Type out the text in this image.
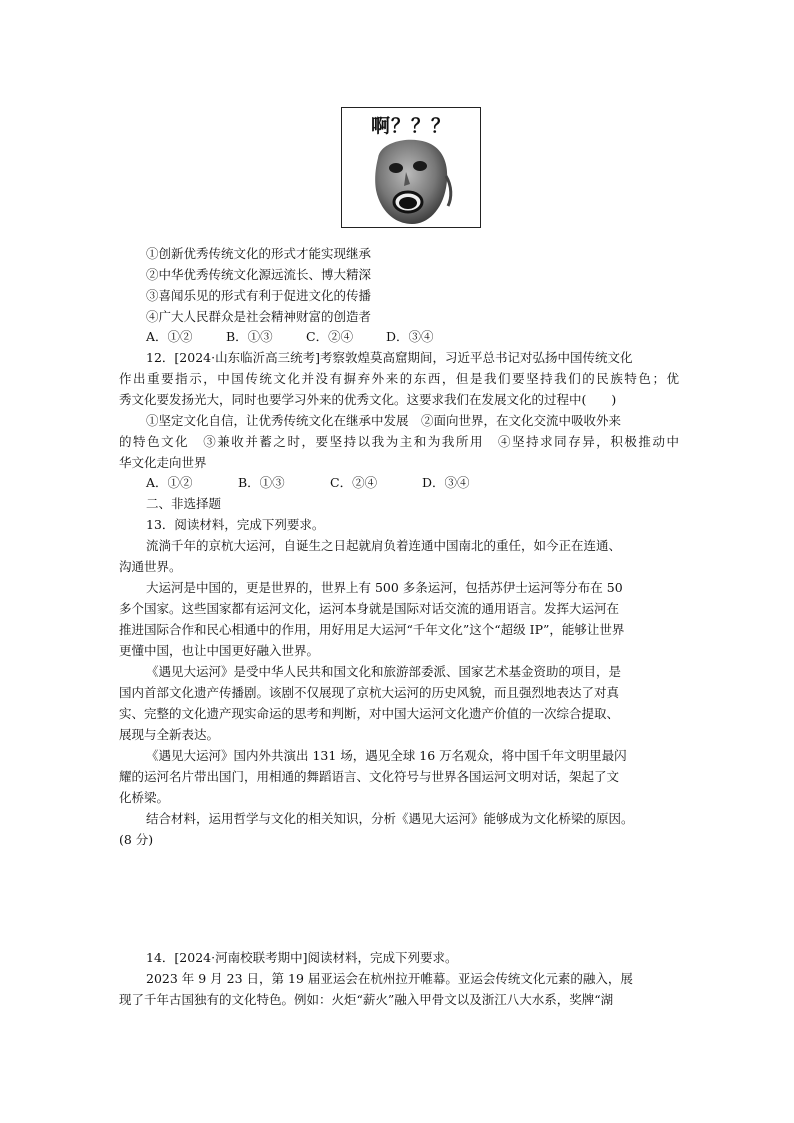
啊？？？
①创新优秀传统文化的形式才能实现继承
②中华优秀传统文化源远流长、博大精深
③喜闻乐见的形式有利于促进文化的传播
④广大人民群众是社会精神财富的创造者
A．①②	B．①③	C．②④	D．③④
12．[2024·山东临沂高三统考]考察敦煌莫高窟期间，习近平总书记对弘扬中国传统文化
作出重要指示，中国传统文化并没有摒弃外来的东西，但是我们要坚持我们的民族特色；优
秀文化要发扬光大，同时也要学习外来的优秀文化。这要求我们在发展文化的过程中(　　)
①坚定文化自信，让优秀传统文化在继承中发展　②面向世界，在文化交流中吸收外来
的特色文化　③兼收并蓄之时，要坚持以我为主和为我所用　④坚持求同存异，积极推动中
华文化走向世界
A．①②	B．①③	C．②④	D．③④
二、非选择题
13．阅读材料，完成下列要求。
流淌千年的京杭大运河，自诞生之日起就肩负着连通中国南北的重任，如今正在连通、
沟通世界。
大运河是中国的，更是世界的，世界上有 500 多条运河，包括苏伊士运河等分布在 50
多个国家。这些国家都有运河文化，运河本身就是国际对话交流的通用语言。发挥大运河在
推进国际合作和民心相通中的作用，用好用足大运河“千年文化”这个“超级 IP”，能够让世界
更懂中国，也让中国更好融入世界。
《遇见大运河》是受中华人民共和国文化和旅游部委派、国家艺术基金资助的项目，是
国内首部文化遗产传播剧。该剧不仅展现了京杭大运河的历史风貌，而且强烈地表达了对真
实、完整的文化遗产现实命运的思考和判断，对中国大运河文化遗产价值的一次综合提取、
展现与全新表达。
《遇见大运河》国内外共演出 131 场，遇见全球 16 万名观众，将中国千年文明里最闪
耀的运河名片带出国门，用相通的舞蹈语言、文化符号与世界各国运河文明对话，架起了文
化桥梁。
结合材料，运用哲学与文化的相关知识，分析《遇见大运河》能够成为文化桥梁的原因。
(8 分)
14．[2024·河南校联考期中]阅读材料，完成下列要求。
2023 年 9 月 23 日，第 19 届亚运会在杭州拉开帷幕。亚运会传统文化元素的融入，展
现了千年古国独有的文化特色。例如：火炬“薪火”融入甲骨文以及浙江八大水系，奖牌“湖
